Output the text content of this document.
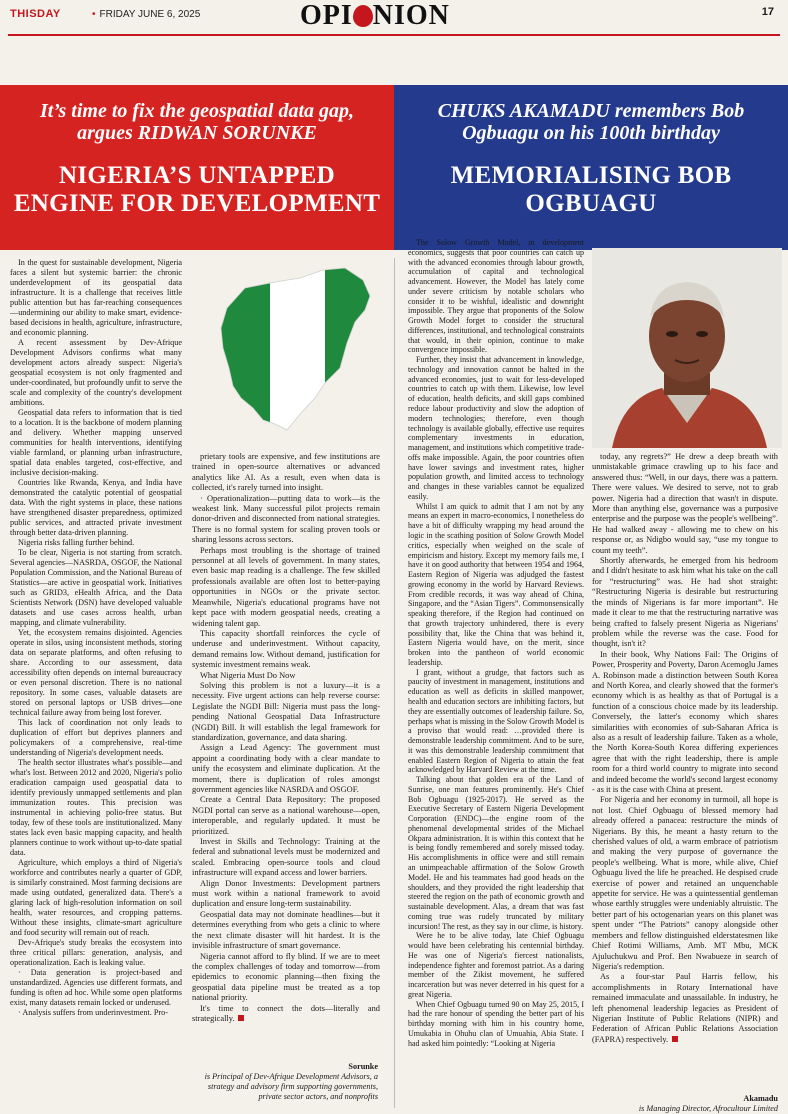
THISDAY	• FRIDAY JUNE 6, 2025	OPI NION	17
It’s time to fix the geospatial data gap, argues RIDWAN SORUNKE
NIGERIA’S UNTAPPED ENGINE FOR DEVELOPMENT
CHUKS AKAMADU remembers Bob Ogbuagu on his 100th birthday
MEMORIALISING BOB OGBUAGU

In the quest for sustainable development, Nigeria faces a silent but systemic barrier: the chronic underdevelopment of its geospatial data infrastructure. It is a challenge that receives little public attention but has far-reaching consequences—undermining our ability to make smart, evidence-based decisions in health, agriculture, infrastructure, and economic planning.

A recent assessment by Dev-Afrique Development Advisors confirms what many development actors already suspect: Nigeria's geospatial ecosystem is not only fragmented and under-coordinated, but profoundly unfit to serve the scale and complexity of the country's development ambitions.

Geospatial data refers to information that is tied to a location. It is the backbone of modern planning and delivery. Whether mapping unserved communities for health interventions, identifying viable farmland, or planning urban infrastructure, spatial data enables targeted, cost-effective, and inclusive decision-making.

Countries like Rwanda, Kenya, and India have demonstrated the catalytic potential of geospatial data. With the right systems in place, these nations have strengthened disaster preparedness, optimized public services, and attracted private investment through better data-driven planning.

Nigeria risks falling further behind.

To be clear, Nigeria is not starting from scratch. Several agencies—NASRDA, OSGOF, the National Population Commission, and the National Bureau of Statistics—are active in geospatial work. Initiatives such as GRID3, eHealth Africa, and the Data Scientists Network (DSN) have developed valuable datasets and use cases across health, urban mapping, and climate vulnerability.

Yet, the ecosystem remains disjointed. Agencies operate in silos, using inconsistent methods, storing data on separate platforms, and often refusing to share. According to our assessment, data accessibility often depends on internal bureaucracy or even personal discretion. There is no national repository. In some cases, valuable datasets are stored on personal laptops or USB drives—one technical failure away from being lost forever.

This lack of coordination not only leads to duplication of effort but deprives planners and policymakers of a comprehensive, real-time understanding of Nigeria's development needs.

The health sector illustrates what's possible—and what's lost. Between 2012 and 2020, Nigeria's polio eradication campaign used geospatial data to identify previously unmapped settlements and plan immunization routes. This precision was instrumental in achieving polio-free status. But today, few of these tools are institutionalized. Many states lack even basic mapping capacity, and health planners continue to work without up-to-date spatial data.

Agriculture, which employs a third of Nigeria's workforce and contributes nearly a quarter of GDP, is similarly constrained. Most farming decisions are made using outdated, generalized data. There's a glaring lack of high-resolution information on soil health, water resources, and cropping patterns. Without these insights, climate-smart agriculture and food security will remain out of reach.

Dev-Afrique's study breaks the ecosystem into three critical pillars: generation, analysis, and operationalization. Each is leaking value.

· Data generation is project-based and unstandardized. Agencies use different formats, and funding is often ad hoc. While some open platforms exist, many datasets remain locked or underused.

· Analysis suffers from underinvestment. Pro-

prietary tools are expensive, and few institutions are trained in open-source alternatives or advanced analytics like AI. As a result, even when data is collected, it's rarely turned into insight.

· Operationalization—putting data to work—is the weakest link. Many successful pilot projects remain donor-driven and disconnected from national strategies. There is no formal system for scaling proven tools or sharing lessons across sectors.

Perhaps most troubling is the shortage of trained personnel at all levels of government. In many states, even basic map reading is a challenge. The few skilled professionals available are often lost to better-paying opportunities in NGOs or the private sector. Meanwhile, Nigeria's educational programs have not kept pace with modern geospatial needs, creating a widening talent gap.

This capacity shortfall reinforces the cycle of underuse and underinvestment. Without capacity, demand remains low. Without demand, justification for systemic investment remains weak.

What Nigeria Must Do Now

Solving this problem is not a luxury—it is a necessity. Five urgent actions can help reverse course: Legislate the NGDI Bill: Nigeria must pass the long-pending National Geospatial Data Infrastructure (NGDI) Bill. It will establish the legal framework for standardization, governance, and data sharing.

Assign a Lead Agency: The government must appoint a coordinating body with a clear mandate to unify the ecosystem and eliminate duplication. At the moment, there is duplication of roles amongst government agencies like NASRDA and OSGOF.

Create a Central Data Repository: The proposed NGDI portal can serve as a national warehouse—open, interoperable, and regularly updated. It must be prioritized.

Invest in Skills and Technology: Training at the federal and subnational levels must be modernized and scaled. Embracing open-source tools and cloud infrastructure will expand access and lower barriers.

Align Donor Investments: Development partners must work within a national framework to avoid duplication and ensure long-term sustainability.

Geospatial data may not dominate headlines—but it determines everything from who gets a clinic to where the next climate disaster will hit hardest. It is the invisible infrastructure of smart governance.

Nigeria cannot afford to fly blind. If we are to meet the complex challenges of today and tomorrow—from epidemics to economic planning—then fixing the geospatial data pipeline must be treated as a top national priority.

It's time to connect the dots—literally and strategically.

The Solow Growth Model, in development economics, suggests that poor countries can catch up with the advanced economies through labour growth, accumulation of capital and technological advancement. However, the Model has lately come under severe criticism by notable scholars who consider it to be wishful, idealistic and downright impossible. They argue that proponents of the Solow Growth Model forget to consider the structural differences, institutional, and technological constraints that would, in their opinion, continue to make convergence impossible.

Further, they insist that advancement in knowledge, technology and innovation cannot be halted in the advanced economies, just to wait for less-developed countries to catch up with them. Likewise, low level of education, health deficits, and skill gaps combined reduce labour productivity and slow the adoption of modern technologies; therefore, even though technology is available globally, effective use requires complementary investments in education, management, and institutions which competitive trade-offs make impossible. Again, the poor countries often have lower savings and investment rates, higher population growth, and limited access to technology and changes in these variables cannot be equalized easily.

Whilst I am quick to admit that I am not by any means an expert in macro-economics, I nonetheless do have a bit of difficulty wrapping my head around the logic in the scathing position of Solow Growth Model critics, especially when weighed on the scale of empiricism and history. Except my memory fails me, I have it on good authority that between 1954 and 1964, Eastern Region of Nigeria was adjudged the fastest growing economy in the world by Harvard Reviews. From credible records, it was way ahead of China, Singapore, and the “Asian Tigers”. Commonsensically speaking therefore, if the Region had continued on that growth trajectory unhindered, there is every possibility that, like the China that was behind it, Eastern Nigeria would have, on the merit, since broken into the pantheon of world economic leadership.

I grant, without a grudge, that factors such as paucity of investment in management, institutions and education as well as deficits in skilled manpower, health and education sectors are inhibiting factors, but they are essentially outcomes of leadership failure. So, perhaps what is missing in the Solow Growth Model is a proviso that would read: …provided there is demonstrable leadership commitment. And to be sure, it was this demonstrable leadership commitment that enabled Eastern Region of Nigeria to attain the feat acknowledged by Harvard Review at the time.

Talking about that golden era of the Land of Sunrise, one man features prominently. He's Chief Bob Ogbuagu (1925-2017). He served as the Executive Secretary of Eastern Nigeria Development Corporation (ENDC)—the engine room of the phenomenal developmental strides of the Michael Okpara administration. It is within this context that he is being fondly remembered and sorely missed today. His accomplishments in office were and still remain an unimpeachable affirmation of the Solow Growth Model. He and his teammates had good heads on the shoulders, and they provided the right leadership that steered the region on the path of economic growth and sustainable development. Alas, a dream that was fast coming true was rudely truncated by military incursion! The rest, as they say in our clime, is history.

Were he to be alive today, late Chief Ogbuagu would have been celebrating his centennial birthday. He was one of Nigeria's fiercest nationalists, independence fighter and foremost patriot. As a daring member of the Zikist movement, he suffered incarceration but was never deterred in his quest for a great Nigeria.

When Chief Ogbuagu turned 90 on May 25, 2015, I had the rare honour of spending the better part of his birthday morning with him in his country home, Umukabia in Ohuhu clan of Umuahia, Abia State. I had asked him pointedly: “Looking at Nigeria

today, any regrets?” He drew a deep breath with unmistakable grimace crawling up to his face and answered thus: “Well, in our days, there was a pattern. There were values. We desired to serve, not to grab power. Nigeria had a direction that wasn't in dispute. More than anything else, governance was a purposive enterprise and the purpose was the people's wellbeing”. He had walked away - allowing me to chew on his response or, as Ndigbo would say, “use my tongue to count my teeth”.

Shortly afterwards, he emerged from his bedroom and I didn't hesitate to ask him what his take on the call for “restructuring” was. He had shot straight: “Restructuring Nigeria is desirable but restructuring the minds of Nigerians is far more important”. He made it clear to me that the restructuring narrative was being crafted to falsely present Nigeria as Nigerians' problem while the reverse was the case. Food for thought, isn't it?

In their book, Why Nations Fail: The Origins of Power, Prosperity and Poverty, Daron Acemoglu James A. Robinson made a distinction between South Korea and North Korea, and clearly showed that the former's economy which is as healthy as that of Portugal is a function of a conscious choice made by its leadership. Conversely, the latter's economy which shares similarities with economies of sub-Saharan Africa is also as a result of leadership failure. Taken as a whole, the North Korea-South Korea differing experiences agree that with the right leadership, there is ample room for a third world country to migrate into second and indeed become the world's second largest economy - as it is the case with China at present.

For Nigeria and her economy in turmoil, all hope is not lost. Chief Ogbuagu of blessed memory had already offered a panacea: restructure the minds of Nigerians. By this, he meant a hasty return to the cherished values of old, a warm embrace of patriotism and making the very purpose of governance the people's wellbeing. What is more, while alive, Chief Ogbuagu lived the life he preached. He despised crude exercise of power and retained an unquenchable appetite for service. He was a quintessential gentleman whose earthly struggles were undeniably altruistic. The better part of his octogenarian years on this planet was spent under “The Patriots” canopy alongside other members and fellow distinguished elderstatesmen like Chief Rotimi Williams, Amb. MT Mbu, MCK Ajuluchukwu and Prof. Ben Nwabueze in search of Nigeria's redemption.

As a four-star Paul Harris fellow, his accomplishments in Rotary International have remained immaculate and unassailable. In industry, he left phenomenal leadership legacies as President of Nigerian Institute of Public Relations (NIPR) and Federation of African Public Relations Association (FAPRA) respectively.

Sorunke
is Principal of Dev-Afrique Development Advisors, a strategy and advisory firm supporting governments, private sector actors, and nonprofits	Akamadu
is Managing Director, Afrocultour Limited
